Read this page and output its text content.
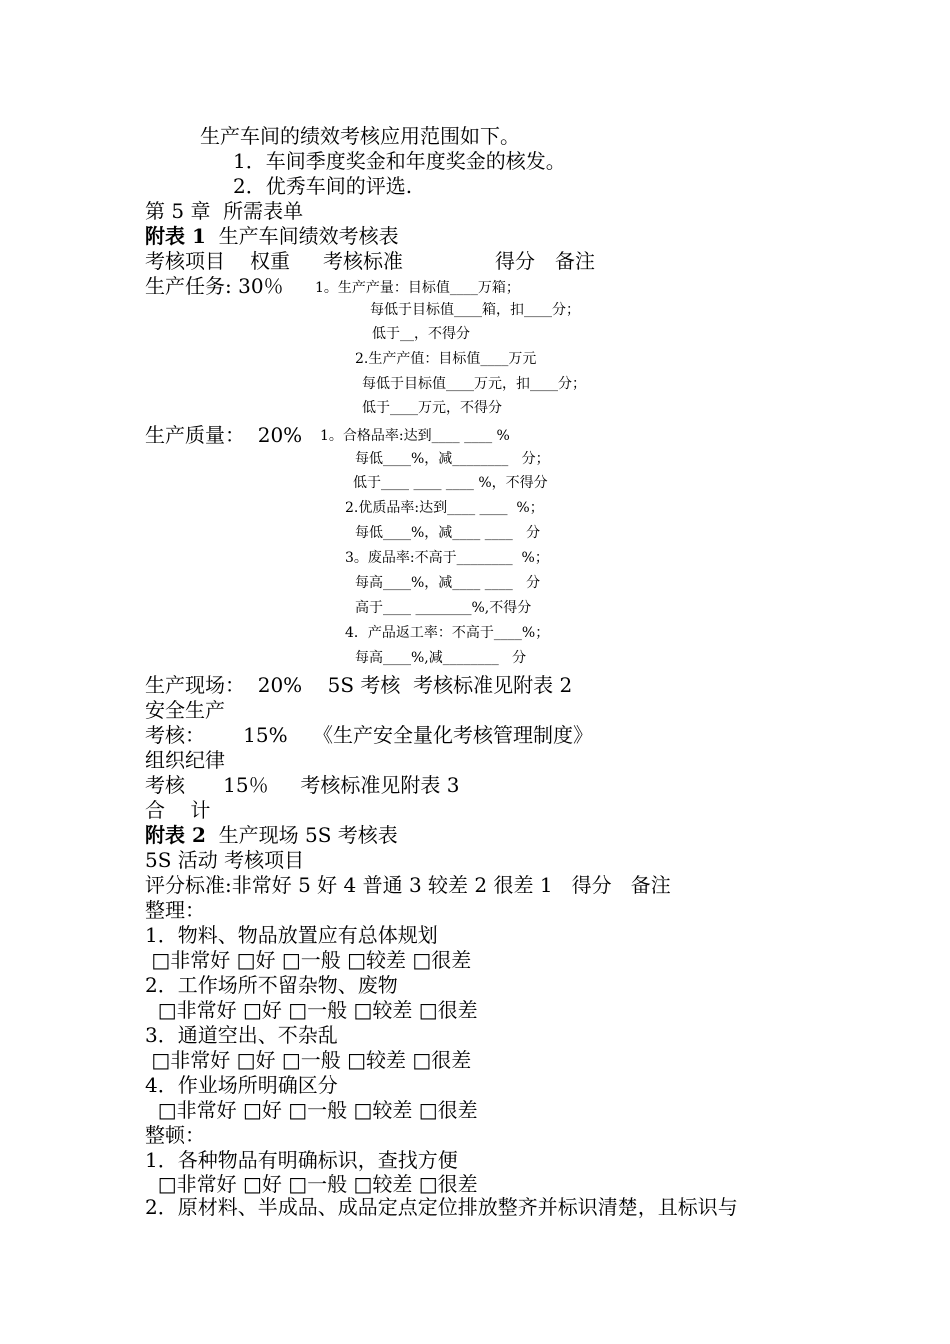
生产车间的绩效考核应用范围如下。
1．车间季度奖金和年度奖金的核发。
2．优秀车间的评选.
第 5 章  所需表单
附表 1 生产车间绩效考核表
考核项目 权重 考核标准	得分 备注
生产任务: 30％ 1。生产产量：目标值____万箱；
每低于目标值____箱，扣____分；
低于__，不得分
2.生产产值：目标值____万元
每低于目标值____万元，扣____分；
低于____万元，不得分
生产质量：  20% 1。合格品率:达到____ ____ %
每低____%，减________   分；
低于____ ____ ____ %，不得分
2.优质品率:达到____ ____  %；
每低____%，减____ ____   分
3。废品率:不高于________  %；
每高____%，减____ ____   分
高于____ ________%,不得分
4．产品返工率：不高于____%；
每高____%,减________   分
生产现场：  20%    5S 考核  考核标准见附表 2
安全生产
考核：      15%    《生产安全量化考核管理制度》
组织纪律
考核      15％     考核标准见附表 3
合    计
附表 2 生产现场 5S 考核表
5S 活动 考核项目
评分标准:非常好 5 好 4 普通 3 较差 2 很差 1   得分   备注
整理：
1．物料、物品放置应有总体规划
□非常好 □好 □一般 □较差 □很差
2．工作场所不留杂物、废物
□非常好 □好 □一般 □较差 □很差
3．通道空出、不杂乱
□非常好 □好 □一般 □较差 □很差
4．作业场所明确区分
□非常好 □好 □一般 □较差 □很差
整顿：
1．各种物品有明确标识，查找方便
□非常好 □好 □一般 □较差 □很差
2．原材料、半成品、成品定点定位排放整齐并标识清楚，且标识与
